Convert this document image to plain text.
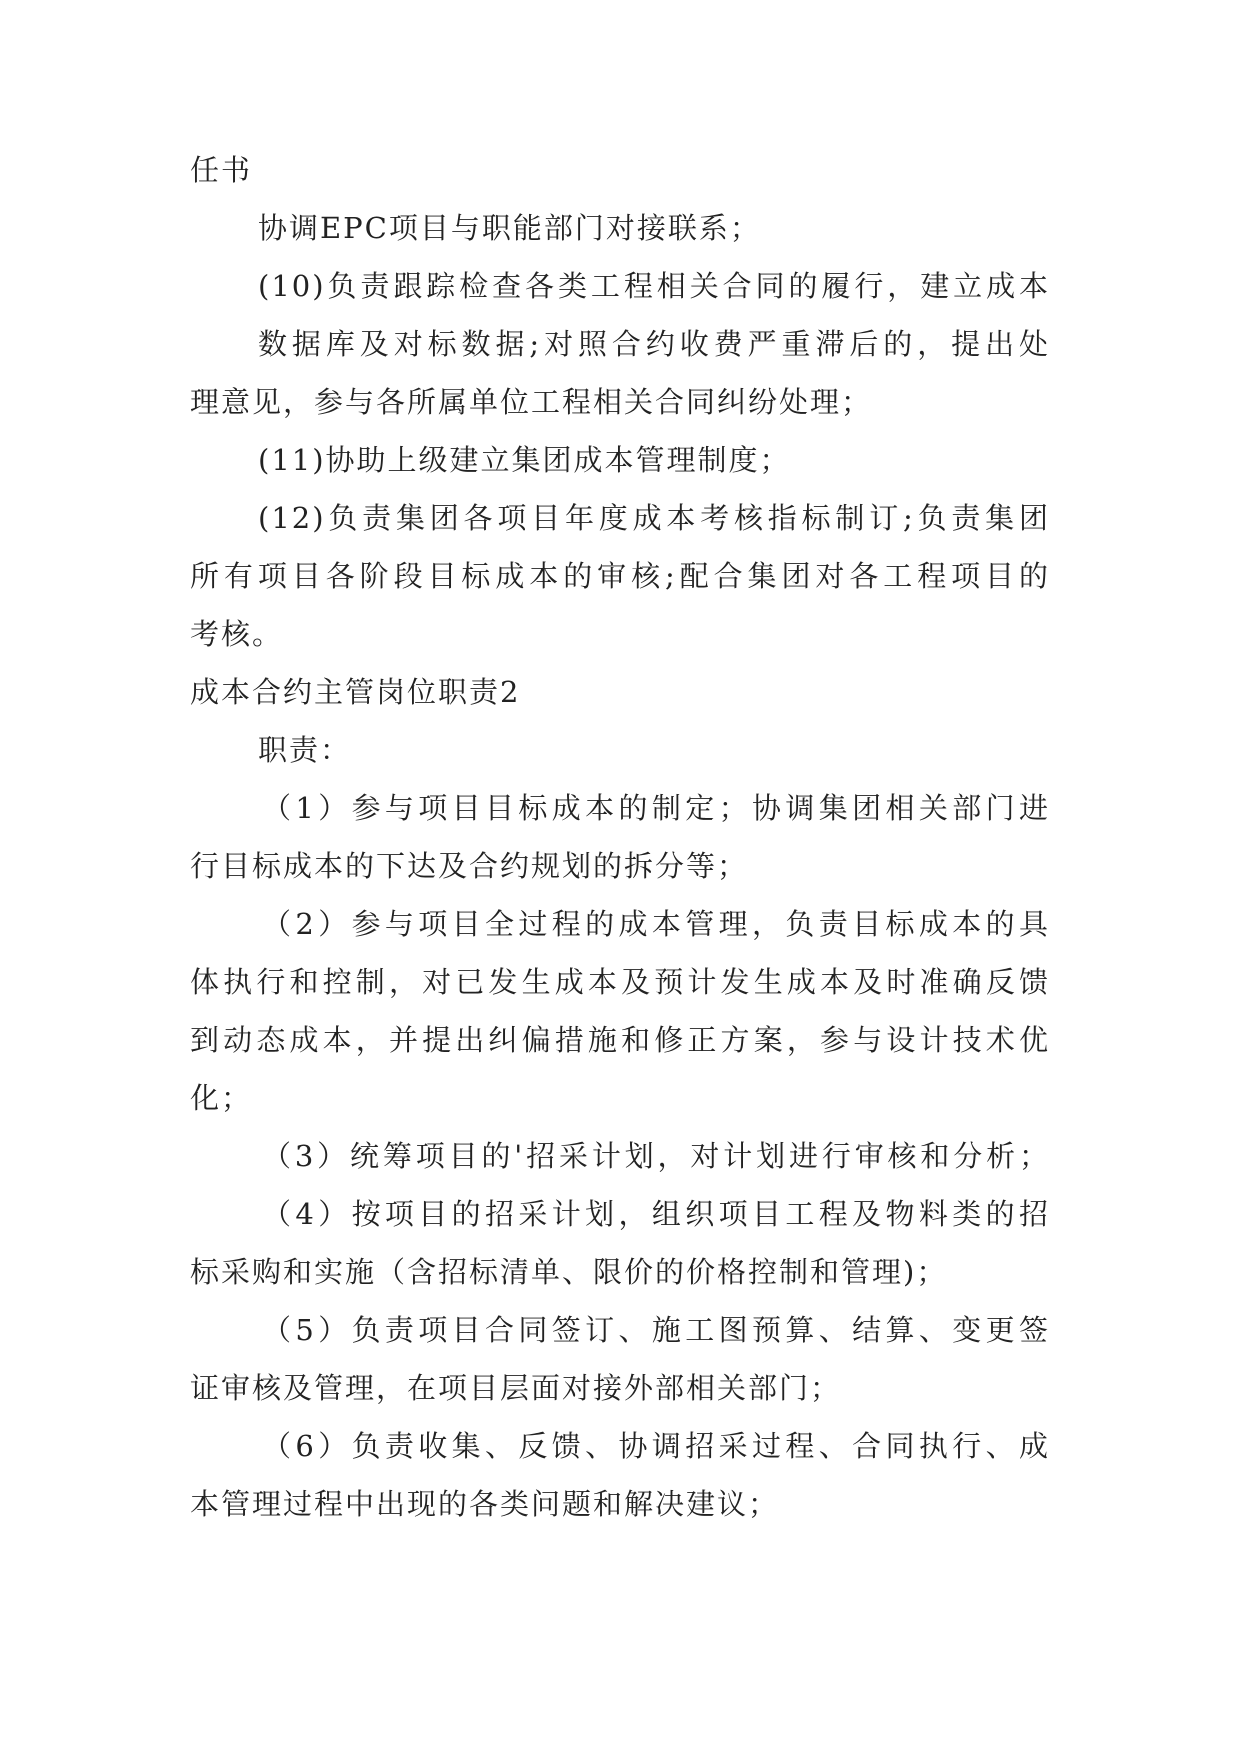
任书
协调EPC项目与职能部门对接联系；
(10)负责跟踪检查各类工程相关合同的履行，建立成本
数据库及对标数据;对照合约收费严重滞后的，提出处
理意见，参与各所属单位工程相关合同纠纷处理；
(11)协助上级建立集团成本管理制度；
(12)负责集团各项目年度成本考核指标制订;负责集团
所有项目各阶段目标成本的审核;配合集团对各工程项目的
考核。
成本合约主管岗位职责2
职责：
（1）参与项目目标成本的制定；协调集团相关部门进
行目标成本的下达及合约规划的拆分等；
（2）参与项目全过程的成本管理，负责目标成本的具
体执行和控制，对已发生成本及预计发生成本及时准确反馈
到动态成本，并提出纠偏措施和修正方案，参与设计技术优
化；
（3）统筹项目的'招采计划，对计划进行审核和分析；
（4）按项目的招采计划，组织项目工程及物料类的招
标采购和实施（含招标清单、限价的价格控制和管理)；
（5）负责项目合同签订、施工图预算、结算、变更签
证审核及管理，在项目层面对接外部相关部门；
（6）负责收集、反馈、协调招采过程、合同执行、成
本管理过程中出现的各类问题和解决建议；
